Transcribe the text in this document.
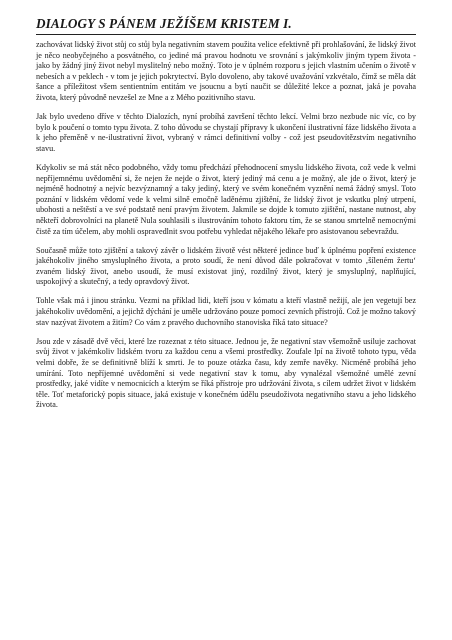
DIALOGY S PÁNEM JEŽÍŠEM KRISTEM I.

zachovávat lidský život stůj co stůj byla negativním stavem použita velice efektivně při prohlašování, že lidský život je něco neobyčejného a posvátného, co jediné má pravou hodnotu ve srovnání s jakýmkoliv jiným typem života - jako by žádný jiný život nebyl myslitelný nebo možný. Toto je v úplném rozporu s jejich vlastním učením o životě v nebesích a v peklech - v tom je jejich pokrytectví. Bylo dovoleno, aby takové uvažování vzkvétalo, čímž se měla dát šance a příležitost všem sentientním entitám ve jsoucnu a bytí naučit se důležité lekce a poznat, jaká je povaha života, který původně nevzešel ze Mne a z Mého pozitivního stavu.

Jak bylo uvedeno dříve v těchto Dialozích, nyní probíhá završení těchto lekcí. Velmi brzo nezbude nic víc, co by bylo k poučení o tomto typu života. Z toho důvodu se chystají přípravy k ukončení ilustrativní fáze lidského života a k jeho přeměně v ne-ilustrativní život, vybraný v rámci definitivní volby - což jest pseudovítězstvím negativního stavu.

Kdykoliv se má stát něco podobného, vždy tomu předchází přehodnocení smyslu lidského života, což vede k velmi nepříjemnému uvědomění si, že nejen že nejde o život, který jediný má cenu a je možný, ale jde o život, který je nejméně hodnotný a nejvíc bezvýznamný a taky jediný, který ve svém konečném vyznění nemá žádný smysl. Toto poznání v lidském vědomí vede k velmi silně emočně laděnému zjištění, že lidský život je vskutku plný utrpení, ubohosti a neštěstí a ve své podstatě není pravým životem. Jakmile se dojde k tomuto zjištění, nastane nutnost, aby někteří dobrovolníci na planetě Nula souhlasili s ilustrováním tohoto faktoru tím, že se stanou smrtelně nemocnými čistě za tím účelem, aby mohli ospravedlnit svou potřebu vyhledat nějakého lékaře pro asistovanou sebevraždu.

Současně může toto zjištění a takový závěr o lidském životě vést některé jedince buď k úplnému popření existence jakéhokoliv jiného smysluplného života, a proto soudí, že není důvod dále pokračovat v tomto ‚šíleném žertu‘ zvaném lidský život, anebo usoudí, že musí existovat jiný, rozdílný život, který je smysluplný, naplňující, uspokojivý a skutečný, a tedy opravdový život.

Tohle však má i jinou stránku. Vezmi na příklad lidi, kteří jsou v kómatu a kteří vlastně nežijí, ale jen vegetují bez jakéhokoliv uvědomění, a jejichž dýchání je uměle udržováno pouze pomocí zevních přístrojů. Což je možno takový stav nazývat životem a žitím? Co vám z pravého duchovního stanoviska říká tato situace?

Jsou zde v zásadě dvě věci, které lze rozeznat z této situace. Jednou je, že negativní stav všemožně usiluje zachovat svůj život v jakémkoliv lidském tvoru za každou cenu a všemi prostředky. Zoufale lpí na životě tohoto typu, věda velmi dobře, že se definitivně blíží k smrti. Je to pouze otázka času, kdy zemře navěky. Nicméně probíhá jeho umírání. Toto nepříjemné uvědomění si vede negativní stav k tomu, aby vynalézal všemožné umělé zevní prostředky, jaké vidíte v nemocnicích a kterým se říká přístroje pro udržování života, s cílem udržet život v lidském těle. Toť metaforický popis situace, jaká existuje v konečném údělu pseudoživota negativního stavu a jeho lidského života.
